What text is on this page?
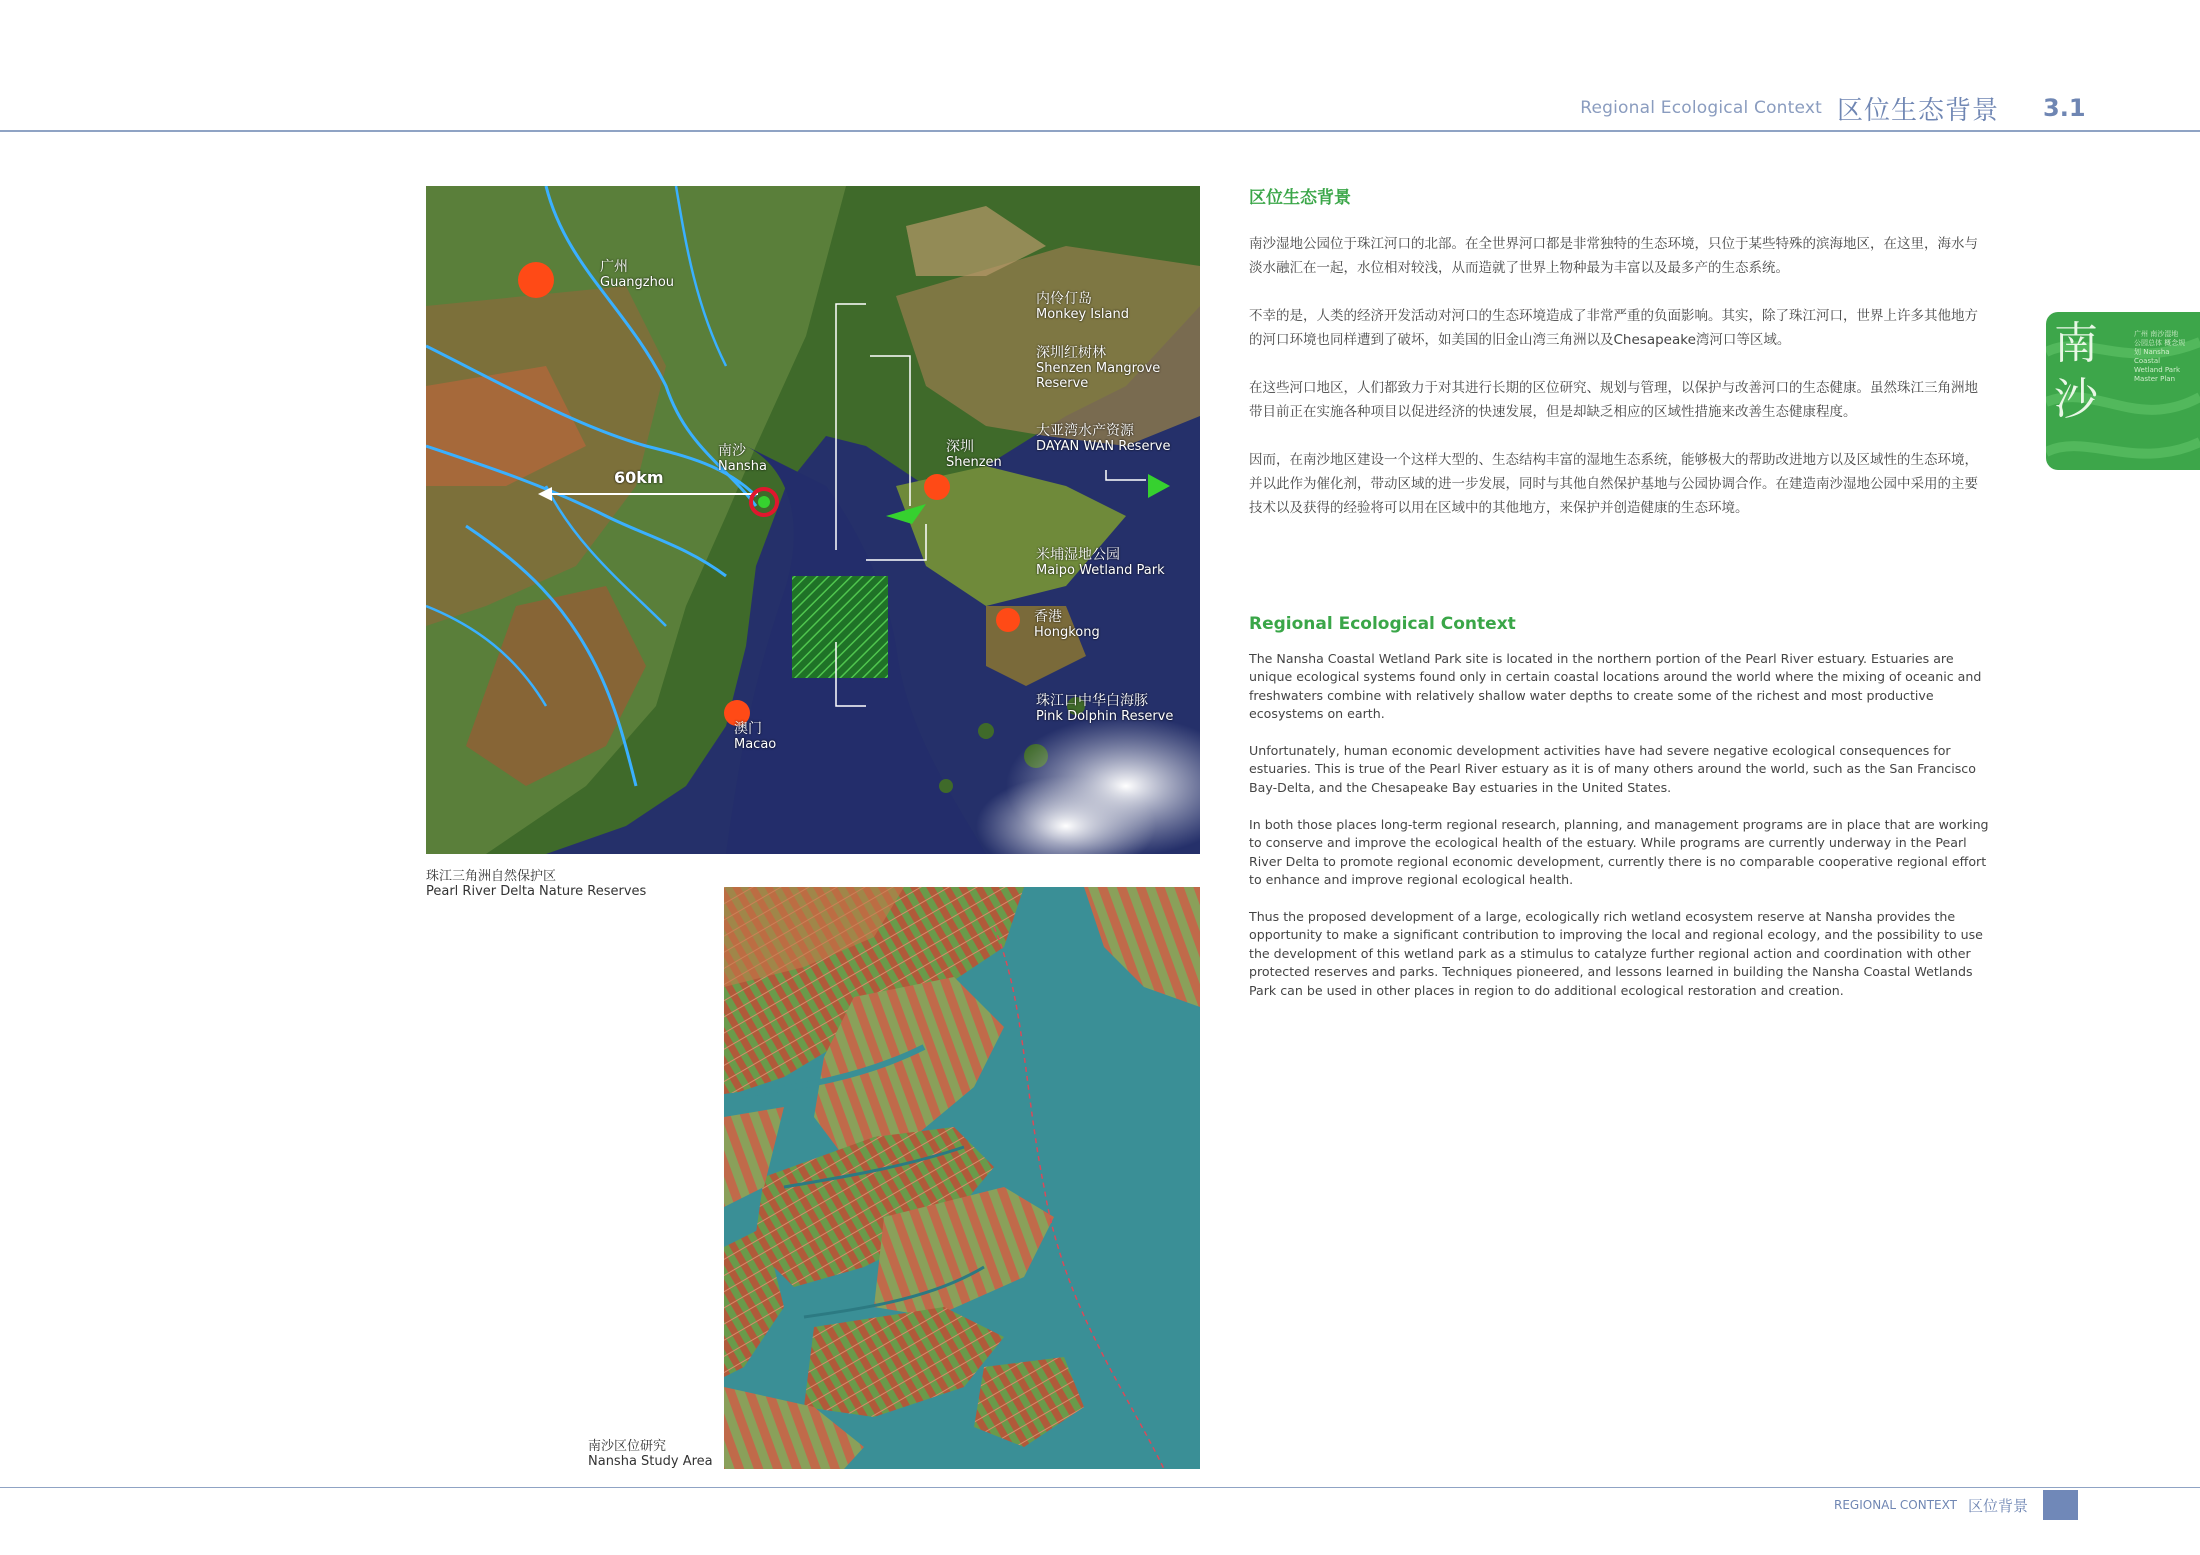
Regional Ecological Context 区位生态背景 3.1
南沙
广州 南沙湿地 公园总体 概念规划 Nansha Coastal Wetland Park Master Plan
广州
Guangzhou
南沙
Nansha
60km
深圳
Shenzen
澳门
Macao
香港
Hongkong
内伶仃岛
Monkey Island
深圳红树林
Shenzen Mangrove
Reserve
大亚湾水产资源
DAYAN WAN Reserve
米埔湿地公园
Maipo Wetland Park
珠江口中华白海豚
Pink Dolphin Reserve
珠江三角洲自然保护区
Pearl River Delta Nature Reserves
南沙区位研究
Nansha Study Area
区位生态背景
南沙湿地公园位于珠江河口的北部。在全世界河口都是非常独特的生态环境，只位于某些特殊的滨海地区，在这里，海水与淡水融汇在一起，水位相对较浅，从而造就了世界上物种最为丰富以及最多产的生态系统。
不幸的是，人类的经济开发活动对河口的生态环境造成了非常严重的负面影响。其实，除了珠江河口，世界上许多其他地方的河口环境也同样遭到了破坏，如美国的旧金山湾三角洲以及Chesapeake湾河口等区域。
在这些河口地区，人们都致力于对其进行长期的区位研究、规划与管理，以保护与改善河口的生态健康。虽然珠江三角洲地带目前正在实施各种项目以促进经济的快速发展，但是却缺乏相应的区域性措施来改善生态健康程度。
因而，在南沙地区建设一个这样大型的、生态结构丰富的湿地生态系统，能够极大的帮助改进地方以及区域性的生态环境，并以此作为催化剂，带动区域的进一步发展，同时与其他自然保护基地与公园协调合作。在建造南沙湿地公园中采用的主要技术以及获得的经验将可以用在区域中的其他地方，来保护并创造健康的生态环境。
Regional Ecological Context
The Nansha Coastal Wetland Park site is located in the northern portion of the Pearl River estuary. Estuaries are unique ecological systems found only in certain coastal locations around the world where the mixing of oceanic and freshwaters combine with relatively shallow water depths to create some of the richest and most productive ecosystems on earth.
Unfortunately, human economic development activities have had severe negative ecological consequences for estuaries. This is true of the Pearl River estuary as it is of many others around the world, such as the San Francisco Bay-Delta, and the Chesapeake Bay estuaries in the United States.
In both those places long-term regional research, planning, and management programs are in place that are working to conserve and improve the ecological health of the estuary. While programs are currently underway in the Pearl River Delta to promote regional economic development, currently there is no comparable cooperative regional effort to enhance and improve regional ecological health.
Thus the proposed development of a large, ecologically rich wetland ecosystem reserve at Nansha provides the opportunity to make a significant contribution to improving the local and regional ecology, and the possibility to use the development of this wetland park as a stimulus to catalyze further regional action and coordination with other protected reserves and parks. Techniques pioneered, and lessons learned in building the Nansha Coastal Wetlands Park can be used in other places in region to do additional ecological restoration and creation.
REGIONAL CONTEXT 区位背景
